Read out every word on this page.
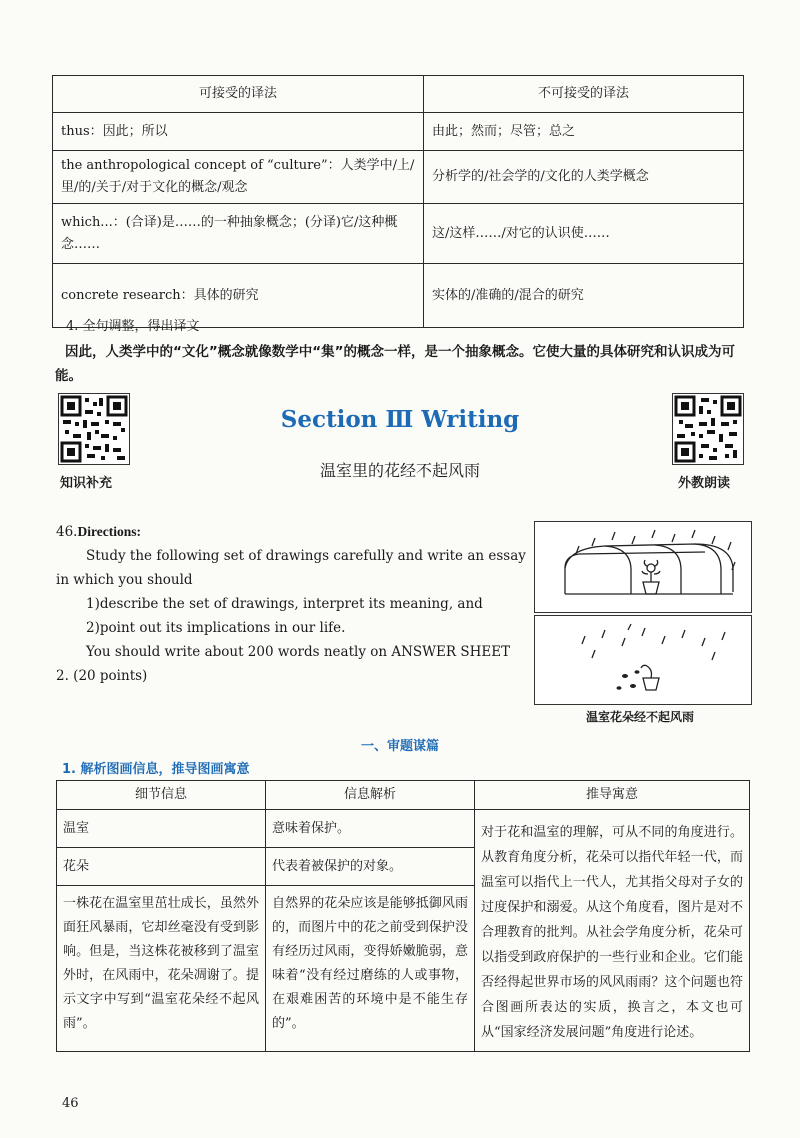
可接受的译法	不可接受的译法
thus：因此；所以	由此；然而；尽管；总之
the anthropological concept of “culture”：人类学中/上/里/的/关于/对于文化的概念/观念	分析学的/社会学的/文化的人类学概念
which...：(合译)是……的一种抽象概念；(分译)它/这种概念……	这/这样……/对它的认识使……
concrete research：具体的研究	实体的/准确的/混合的研究
4. 全句调整，得出译文
因此，人类学中的“文化”概念就像数学中“集”的概念一样，是一个抽象概念。它使大量的具体研究和认识成为可能。
知识补充	外教朗读
Section Ⅲ Writing
温室里的花经不起风雨

46.Directions:

Study the following set of drawings carefully and write an essay in which you should

1)describe the set of drawings, interpret its meaning, and

2)point out its implications in our life.

You should write about 200 words neatly on ANSWER SHEET 2. (20 points)

温室花朵经不起风雨
一、审题谋篇
1. 解析图画信息，推导图画寓意
细节信息	信息解析	推导寓意
温室	意味着保护。	对于花和温室的理解，可从不同的角度进行。从教育角度分析，花朵可以指代年轻一代，而温室可以指代上一代人，尤其指父母对子女的过度保护和溺爱。从这个角度看，图片是对不合理教育的批判。从社会学角度分析，花朵可以指受到政府保护的一些行业和企业。它们能否经得起世界市场的风风雨雨？这个问题也符合图画所表达的实质，换言之，本文也可从“国家经济发展问题”角度进行论述。
花朵	代表着被保护的对象。	
一株花在温室里茁壮成长，虽然外面狂风暴雨，它却丝毫没有受到影响。但是，当这株花被移到了温室外时，在风雨中，花朵凋谢了。提示文字中写到“温室花朵经不起风雨”。	自然界的花朵应该是能够抵御风雨的，而图片中的花之前受到保护没有经历过风雨，变得娇嫩脆弱，意味着“没有经过磨练的人或事物，在艰难困苦的环境中是不能生存的”。	
46
